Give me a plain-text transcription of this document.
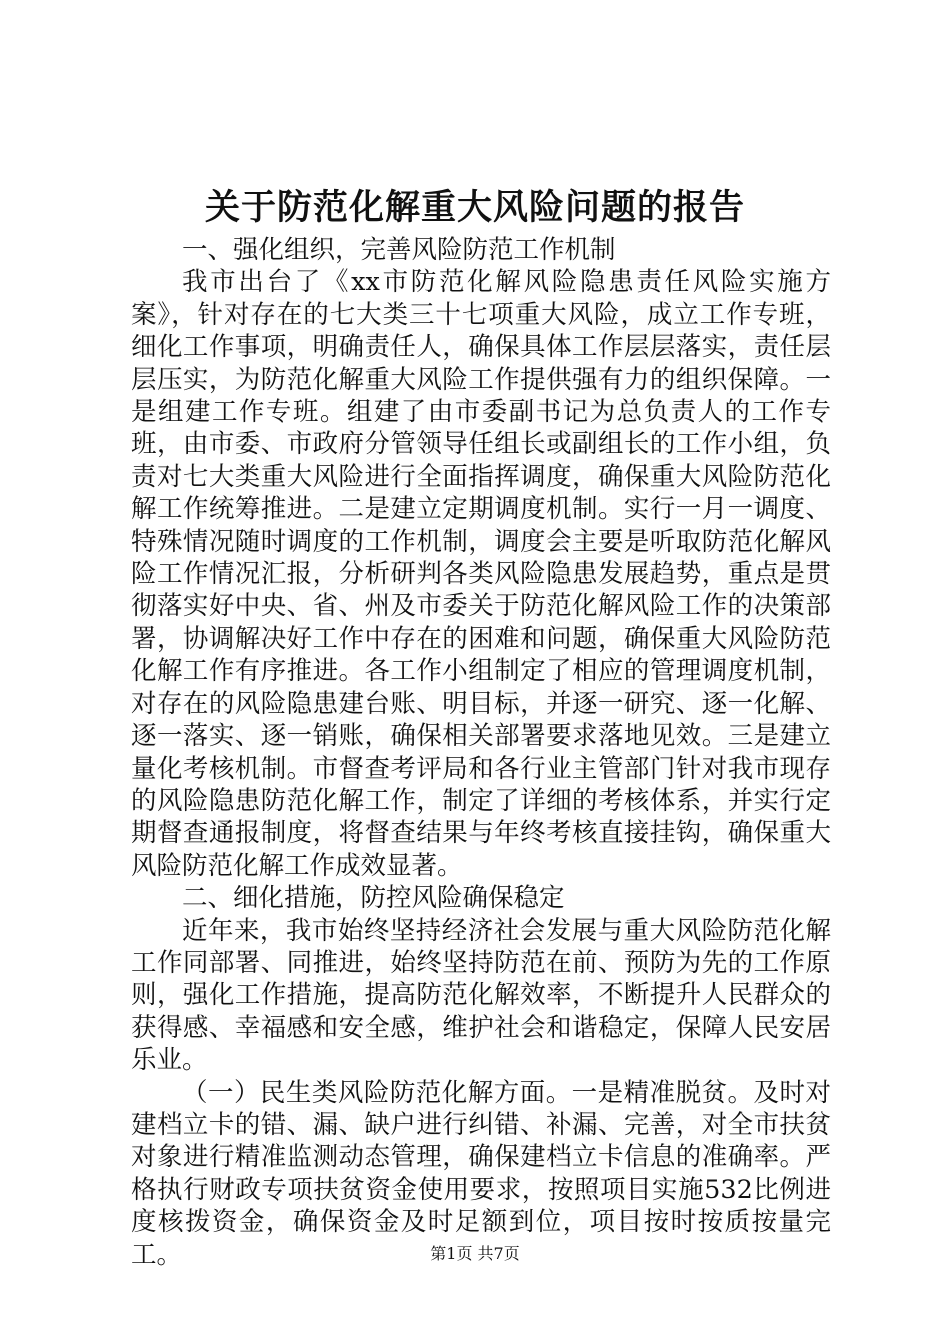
关于防范化解重大风险问题的报告

一、强化组织，完善风险防范工作机制

我市出台了《xx市防范化解风险隐患责任风险实施方案》，针对存在的七大类三十七项重大风险，成立工作专班，细化工作事项，明确责任人，确保具体工作层层落实，责任层层压实，为防范化解重大风险工作提供强有力的组织保障。一是组建工作专班。组建了由市委副书记为总负责人的工作专班，由市委、市政府分管领导任组长或副组长的工作小组，负责对七大类重大风险进行全面指挥调度，确保重大风险防范化解工作统筹推进。二是建立定期调度机制。实行一月一调度、特殊情况随时调度的工作机制，调度会主要是听取防范化解风险工作情况汇报，分析研判各类风险隐患发展趋势，重点是贯彻落实好中央、省、州及市委关于防范化解风险工作的决策部署，协调解决好工作中存在的困难和问题，确保重大风险防范化解工作有序推进。各工作小组制定了相应的管理调度机制，对存在的风险隐患建台账、明目标，并逐一研究、逐一化解、逐一落实、逐一销账，确保相关部署要求落地见效。三是建立量化考核机制。市督查考评局和各行业主管部门针对我市现存的风险隐患防范化解工作，制定了详细的考核体系，并实行定期督查通报制度，将督查结果与年终考核直接挂钩，确保重大风险防范化解工作成效显著。

二、细化措施，防控风险确保稳定

近年来，我市始终坚持经济社会发展与重大风险防范化解工作同部署、同推进，始终坚持防范在前、预防为先的工作原则，强化工作措施，提高防范化解效率，不断提升人民群众的获得感、幸福感和安全感，维护社会和谐稳定，保障人民安居乐业。

（一）民生类风险防范化解方面。一是精准脱贫。及时对建档立卡的错、漏、缺户进行纠错、补漏、完善，对全市扶贫对象进行精准监测动态管理，确保建档立卡信息的准确率。严格执行财政专项扶贫资金使用要求，按照项目实施532比例进度核拨资金，确保资金及时足额到位，项目按时按质按量完工。	第1页 共7页
